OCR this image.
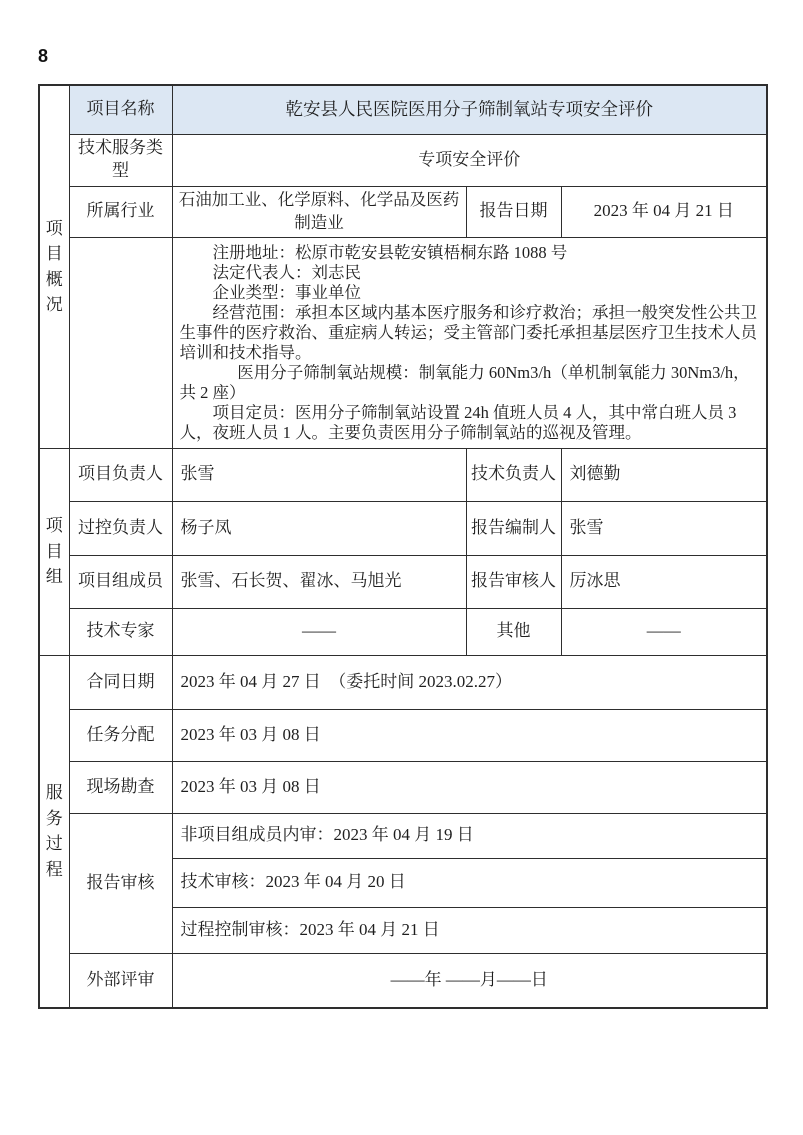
8
项目概况	项目名称	乾安县人民医院医用分子筛制氧站专项安全评价		
	技术服务类型	专项安全评价		
	所属行业	石油加工业、化学原料、化学品及医药制造业	报告日期	2023 年 04 月 21 日

注册地址：松原市乾安县乾安镇梧桐东路 1088 号

法定代表人：刘志民

企业类型：事业单位

经营范围：承担本区域内基本医疗服务和诊疗救治；承担一般突发性公共卫生事件的医疗救治、重症病人转运；受主管部门委托承担基层医疗卫生技术人员培训和技术指导。

医用分子筛制氧站规模：制氧能力 60Nm3/h（单机制氧能力 30Nm3/h，共 2 座）

项目定员：医用分子筛制氧站设置 24h 值班人员 4 人，其中常白班人员 3 人，夜班人员 1 人。主要负责医用分子筛制氧站的巡视及管理。

项目组	项目负责人	张雪	技术负责人	刘德勤
	过控负责人	杨子凤	报告编制人	张雪
	项目组成员	张雪、石长贺、翟冰、马旭光	报告审核人	厉冰思
	技术专家	——	其他	——
服务过程	合同日期	2023 年 04 月 27 日　（委托时间 2023.02.27）		
	任务分配	2023 年 03 月 08 日		
	现场勘查	2023 年 03 月 08 日		
	报告审核	非项目组成员内审：2023 年 04 月 19 日		
		技术审核：2023 年 04 月 20 日		
		过程控制审核：2023 年 04 月 21 日		
	外部评审	——年 ——月——日		
